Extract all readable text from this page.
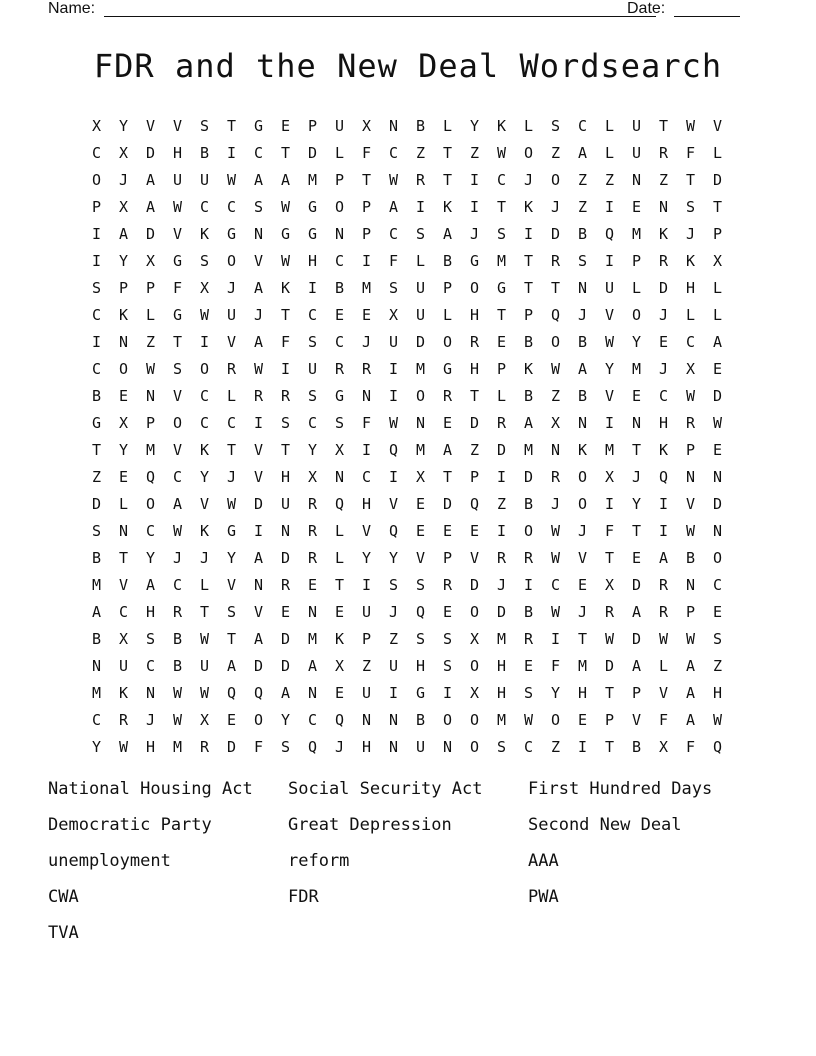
Name:	Date:
FDR and the New Deal Wordsearch
X	Y	V	V	S	T	G	E	P	U	X	N	B	L	Y	K	L	S	C	L	U	T	W	V
C	X	D	H	B	I	C	T	D	L	F	C	Z	T	Z	W	O	Z	A	L	U	R	F	L
O	J	A	U	U	W	A	A	M	P	T	W	R	T	I	C	J	O	Z	Z	N	Z	T	D
P	X	A	W	C	C	S	W	G	O	P	A	I	K	I	T	K	J	Z	I	E	N	S	T
I	A	D	V	K	G	N	G	G	N	P	C	S	A	J	S	I	D	B	Q	M	K	J	P
I	Y	X	G	S	O	V	W	H	C	I	F	L	B	G	M	T	R	S	I	P	R	K	X
S	P	P	F	X	J	A	K	I	B	M	S	U	P	O	G	T	T	N	U	L	D	H	L
C	K	L	G	W	U	J	T	C	E	E	X	U	L	H	T	P	Q	J	V	O	J	L	L
I	N	Z	T	I	V	A	F	S	C	J	U	D	O	R	E	B	O	B	W	Y	E	C	A
C	O	W	S	O	R	W	I	U	R	R	I	M	G	H	P	K	W	A	Y	M	J	X	E
B	E	N	V	C	L	R	R	S	G	N	I	O	R	T	L	B	Z	B	V	E	C	W	D
G	X	P	O	C	C	I	S	C	S	F	W	N	E	D	R	A	X	N	I	N	H	R	W
T	Y	M	V	K	T	V	T	Y	X	I	Q	M	A	Z	D	M	N	K	M	T	K	P	E
Z	E	Q	C	Y	J	V	H	X	N	C	I	X	T	P	I	D	R	O	X	J	Q	N	N
D	L	O	A	V	W	D	U	R	Q	H	V	E	D	Q	Z	B	J	O	I	Y	I	V	D
S	N	C	W	K	G	I	N	R	L	V	Q	E	E	E	I	O	W	J	F	T	I	W	N
B	T	Y	J	J	Y	A	D	R	L	Y	Y	V	P	V	R	R	W	V	T	E	A	B	O
M	V	A	C	L	V	N	R	E	T	I	S	S	R	D	J	I	C	E	X	D	R	N	C
A	C	H	R	T	S	V	E	N	E	U	J	Q	E	O	D	B	W	J	R	A	R	P	E
B	X	S	B	W	T	A	D	M	K	P	Z	S	S	X	M	R	I	T	W	D	W	W	S
N	U	C	B	U	A	D	D	A	X	Z	U	H	S	O	H	E	F	M	D	A	L	A	Z
M	K	N	W	W	Q	Q	A	N	E	U	I	G	I	X	H	S	Y	H	T	P	V	A	H
C	R	J	W	X	E	O	Y	C	Q	N	N	B	O	O	M	W	O	E	P	V	F	A	W
Y	W	H	M	R	D	F	S	Q	J	H	N	U	N	O	S	C	Z	I	T	B	X	F	Q
National Housing Act	Social Security Act	First Hundred Days
Democratic Party	Great Depression	Second New Deal
unemployment	reform	AAA
CWA	FDR	PWA
TVA
